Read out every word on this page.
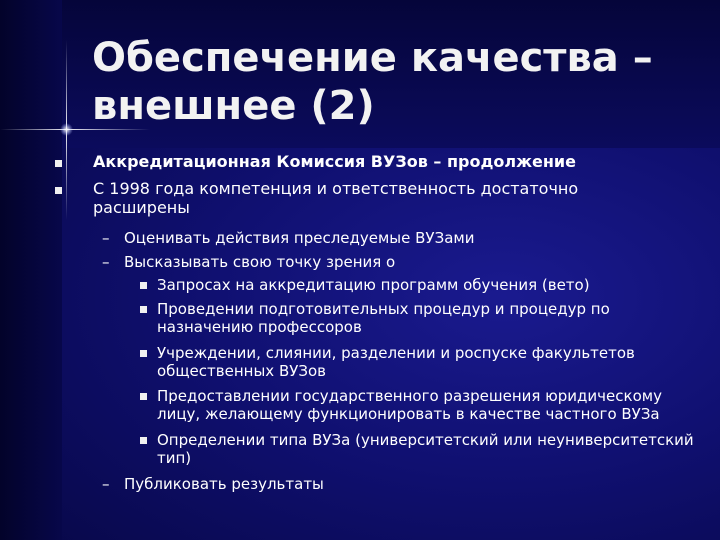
Обеспечение качества – внешнее (2)
Аккредитационная Комиссия ВУЗов – продолжение
С 1998 года компетенция и ответственность достаточно расширены
– Оценивать действия преследуемые ВУЗами
– Высказывать свою точку зрения о
Запросах на аккредитацию программ обучения (вето)
Проведении подготовительных процедур и процедур по назначению профессоров
Учреждении, слиянии, разделении и роспуске факультетов общественных ВУЗов
Предоставлении государственного разрешения юридическому лицу, желающему функционировать в качестве частного ВУЗа
Определении типа ВУЗа (университетский или неуниверситетский тип)
– Публиковать результаты
